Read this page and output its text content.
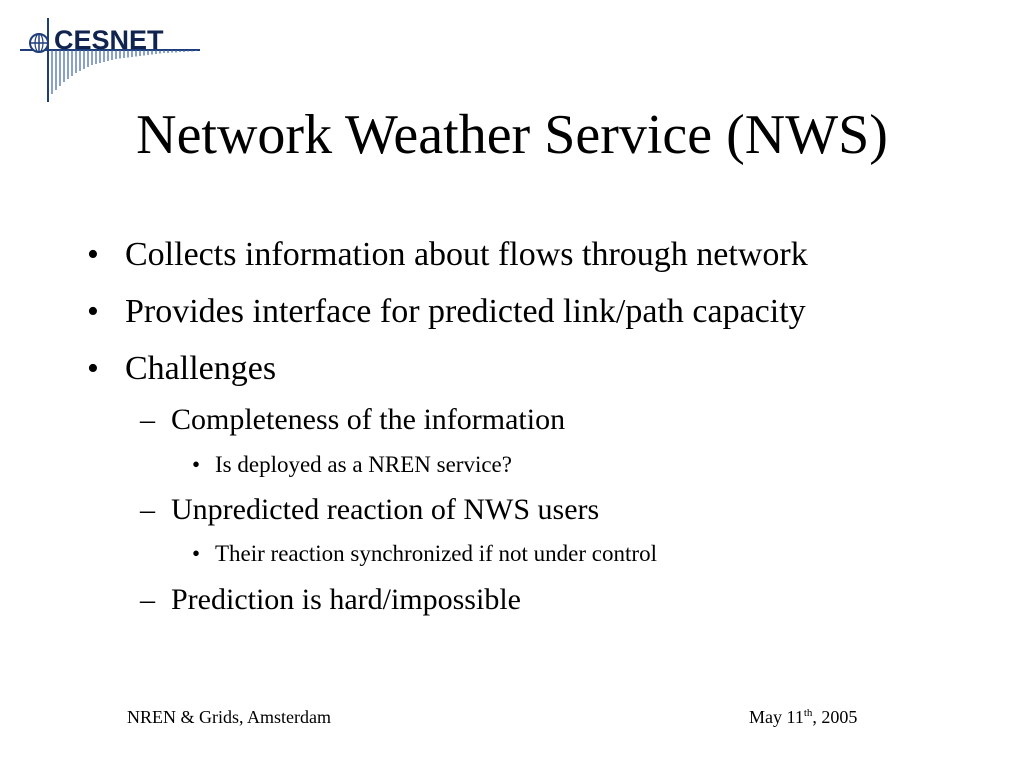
CESNET
Network Weather Service (NWS)
• Collects information about flows through network
• Provides interface for predicted link/path capacity
• Challenges
– Completeness of the information
• Is deployed as a NREN service?
– Unpredicted reaction of NWS users
• Their reaction synchronized if not under control
– Prediction is hard/impossible
NREN & Grids, Amsterdam	May 11th, 2005
